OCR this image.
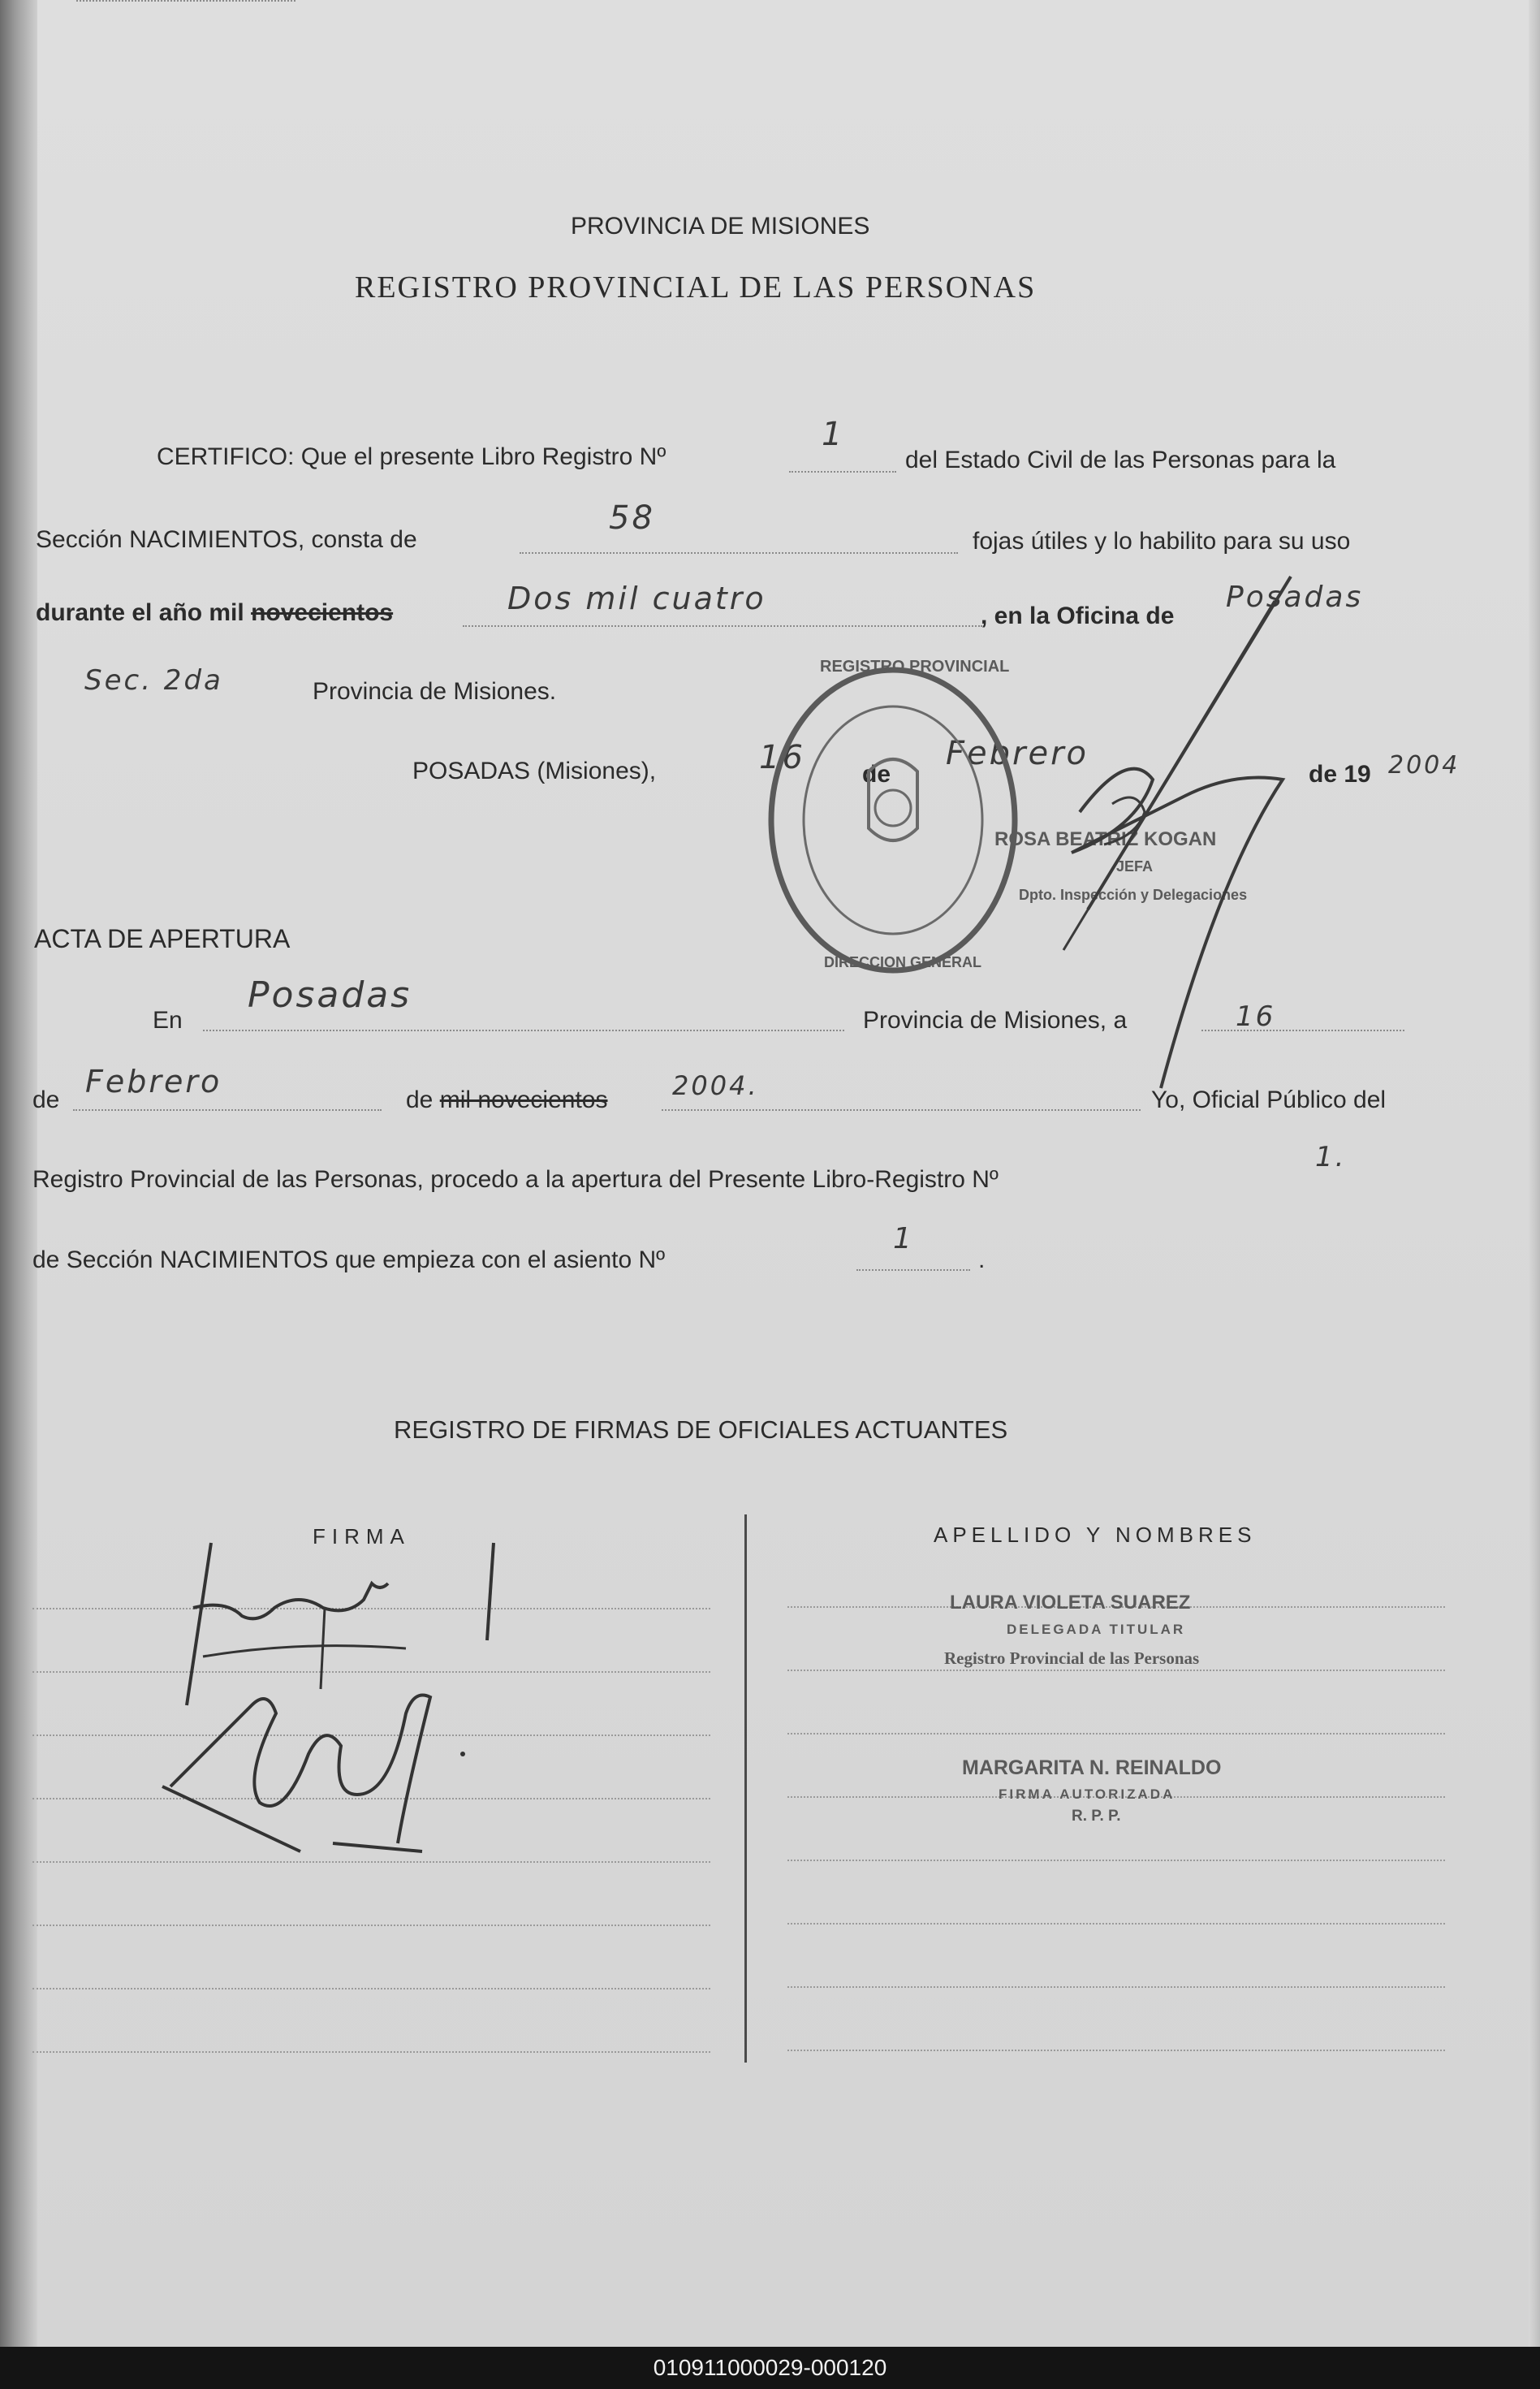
PROVINCIA DE MISIONES
REGISTRO PROVINCIAL DE LAS PERSONAS
CERTIFICO: Que el presente Libro Registro Nº
1
del Estado Civil de las Personas para la
Sección NACIMIENTOS, consta de
58
fojas útiles y lo habilito para su uso
durante el año mil novecientos	Dos mil cuatro	, en la Oficina de
Posadas
Sec. 2da	Provincia de Misiones.
POSADAS (Misiones),	16 de
Febrero
de 19 2004
REGISTRO PROVINCIAL
DIRECCION GENERAL
ROSA BEATRIZ KOGAN
JEFA
Dpto. Inspección y Delegaciones
ACTA DE APERTURA
En
Posadas
Provincia de Misiones, a	16
de
Febrero
de mil novecientos 2004.	Yo, Oficial Público del
Registro Provincial de las Personas, procedo a la apertura del Presente Libro-Registro Nº
1.
de Sección NACIMIENTOS que empieza con el asiento Nº
1
.
REGISTRO DE FIRMAS DE OFICIALES ACTUANTES
FIRMA	APELLIDO Y NOMBRES
LAURA VIOLETA SUAREZ
DELEGADA TITULAR
Registro Provincial de las Personas
MARGARITA N. REINALDO
FIRMA AUTORIZADA
R. P. P.
010911000029-000120
